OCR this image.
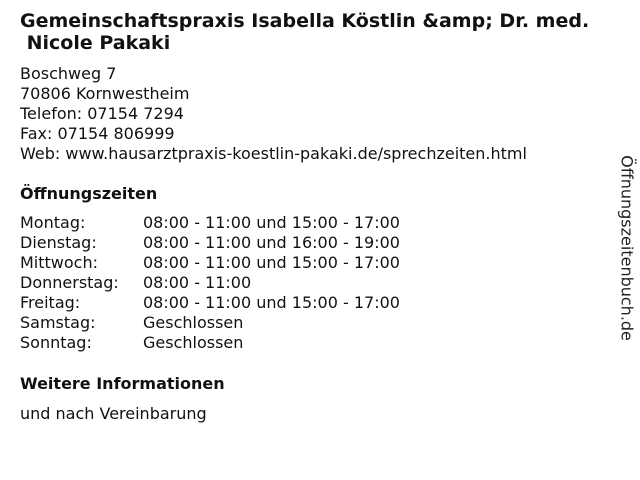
Gemeinschaftspraxis Isabella Köstlin &amp; Dr. med.
Nicole Pakaki
Boschweg 7
70806 Kornwestheim
Telefon: 07154 7294
Fax: 07154 806999
Web: www.hausarztpraxis-koestlin-pakaki.de/sprechzeiten.html
Öffnungszeiten
Montag:	08:00 - 11:00 und 15:00 - 17:00
Dienstag:	08:00 - 11:00 und 16:00 - 19:00
Mittwoch:	08:00 - 11:00 und 15:00 - 17:00
Donnerstag:	08:00 - 11:00
Freitag:	08:00 - 11:00 und 15:00 - 17:00
Samstag:	Geschlossen
Sonntag:	Geschlossen
Weitere Informationen
und nach Vereinbarung
Öffnungszeitenbuch.de
